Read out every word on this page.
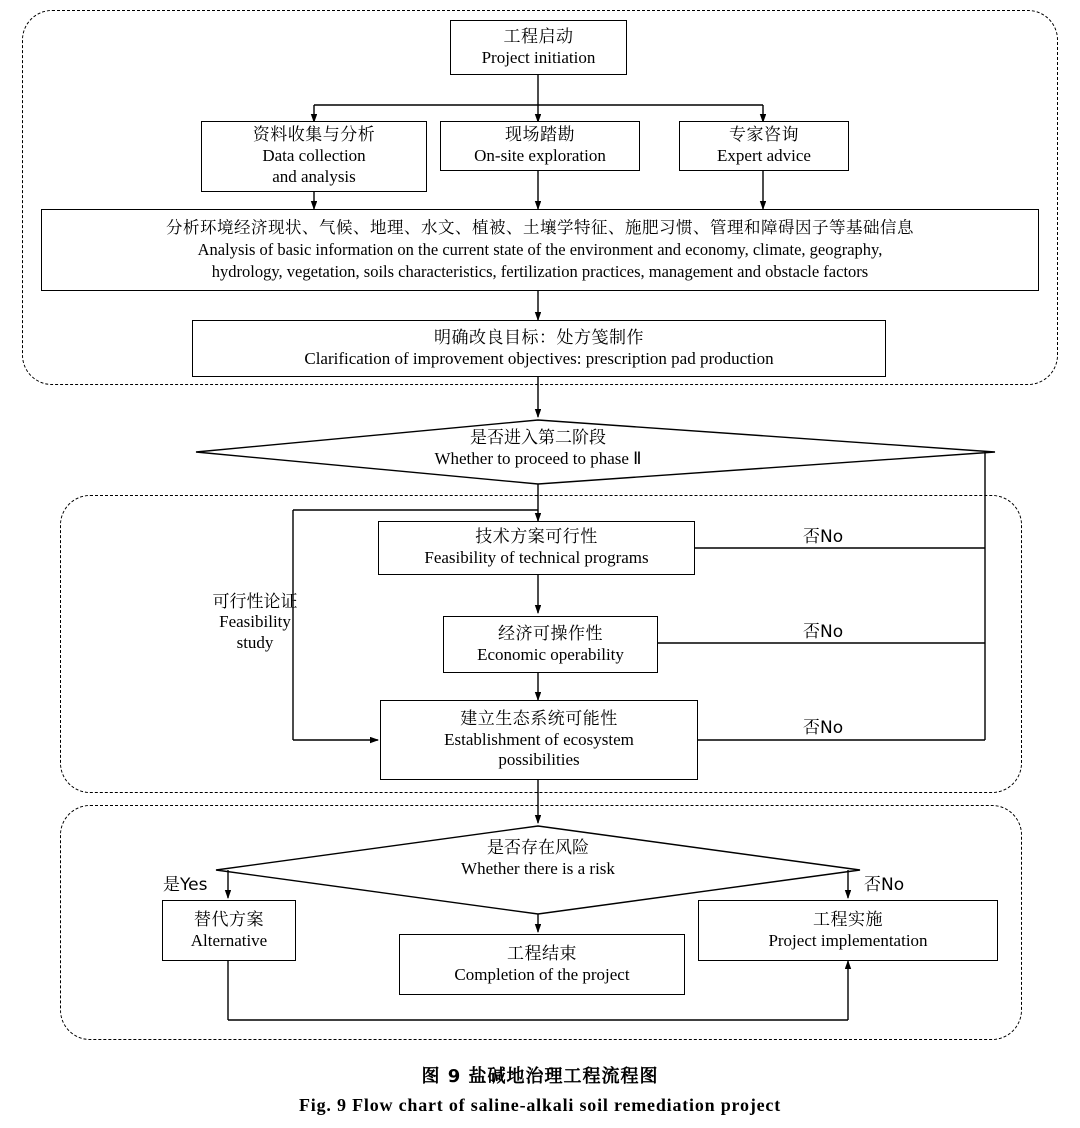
工程启动
Project initiation
资料收集与分析
Data collection
and analysis
现场踏勘
On-site exploration
专家咨询
Expert advice
分析环境经济现状、气候、地理、水文、植被、土壤学特征、施肥习惯、管理和障碍因子等基础信息
Analysis of basic information on the current state of the environment and economy, climate, geography,
hydrology, vegetation, soils characteristics, fertilization practices, management and obstacle factors
明确改良目标：处方笺制作
Clarification of improvement objectives: prescription pad production
是否进入第二阶段
Whether to proceed to phase Ⅱ
技术方案可行性
Feasibility of technical programs
经济可操作性
Economic operability
建立生态系统可能性
Establishment of ecosystem
possibilities
是否存在风险
Whether there is a risk
替代方案
Alternative
工程结束
Completion of the project
工程实施
Project implementation
可行性论证
Feasibility
study
否No
否No
否No
是Yes	否No
图 9 盐碱地治理工程流程图
Fig. 9 Flow chart of saline-alkali soil remediation project
